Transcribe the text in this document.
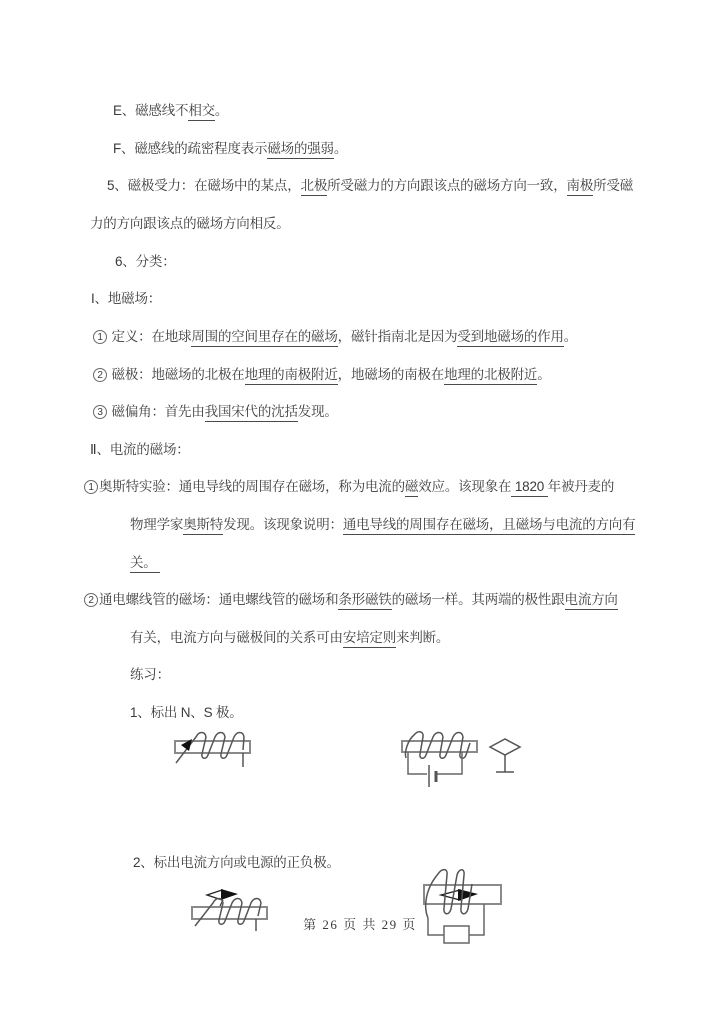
E、磁感线不相交。
F、磁感线的疏密程度表示磁场的强弱。
5、磁极受力：在磁场中的某点，北极所受磁力的方向跟该点的磁场方向一致，南极所受磁
力的方向跟该点的磁场方向相反。
6、分类：
I、地磁场：
1 定义：在地球周围的空间里存在的磁场，磁针指南北是因为受到地磁场的作用。
2 磁极：地磁场的北极在地理的南极附近，地磁场的南极在地理的北极附近。
3 磁偏角：首先由我国宋代的沈括发现。
Ⅱ、电流的磁场：
1 奥斯特实验：通电导线的周围存在磁场，称为电流的磁效应。该现象在 1820 年被丹麦的
物理学家奥斯特发现。该现象说明：通电导线的周围存在磁场，且磁场与电流的方向有
关。
2 通电螺线管的磁场：通电螺线管的磁场和条形磁铁的磁场一样。其两端的极性跟电流方向
有关，电流方向与磁极间的关系可由安培定则来判断。
练习：
1、标出 N、S 极。
2、标出电流方向或电源的正负极。
第 26 页 共 29 页
